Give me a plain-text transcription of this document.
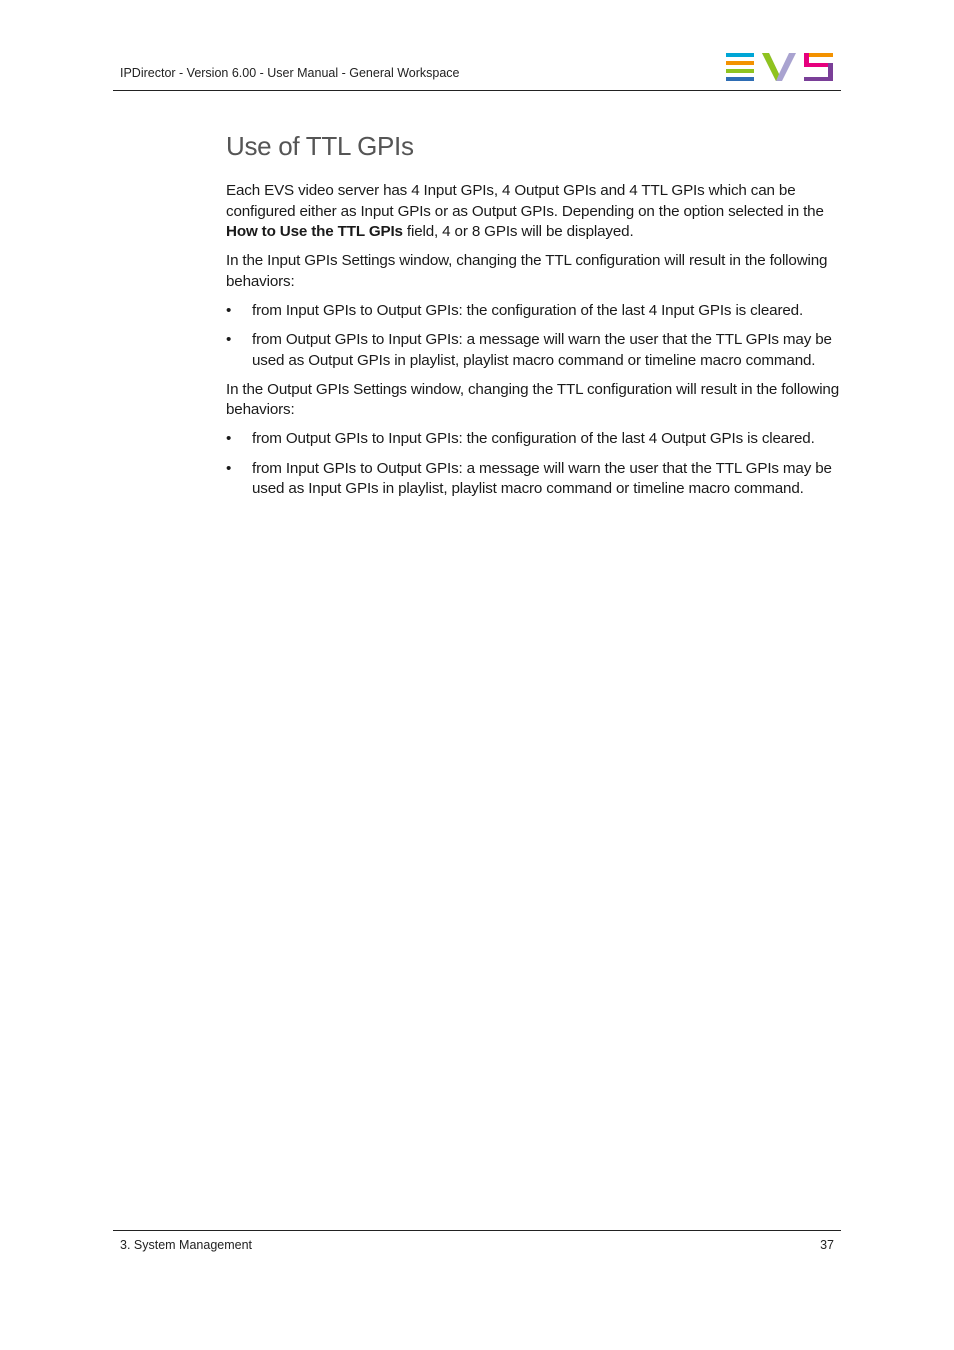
IPDirector - Version 6.00 - User Manual - General Workspace
Use of TTL GPIs

Each EVS video server has 4 Input GPIs, 4 Output GPIs and 4 TTL GPIs which can be configured either as Input GPIs or as Output GPIs. Depending on the option selected in the How to Use the TTL GPIs field, 4 or 8 GPIs will be displayed.

In the Input GPIs Settings window, changing the TTL configuration will result in the following behaviors:

• from Input GPIs to Output GPIs: the configuration of the last 4 Input GPIs is cleared.
• from Output GPIs to Input GPIs: a message will warn the user that the TTL GPIs may be used as Output GPIs in playlist, playlist macro command or timeline macro command.

In the Output GPIs Settings window, changing the TTL configuration will result in the following behaviors:

• from Output GPIs to Input GPIs: the configuration of the last 4 Output GPIs is cleared.
• from Input GPIs to Output GPIs: a message will warn the user that the TTL GPIs may be used as Input GPIs in playlist, playlist macro command or timeline macro command.
3. System Management	37
